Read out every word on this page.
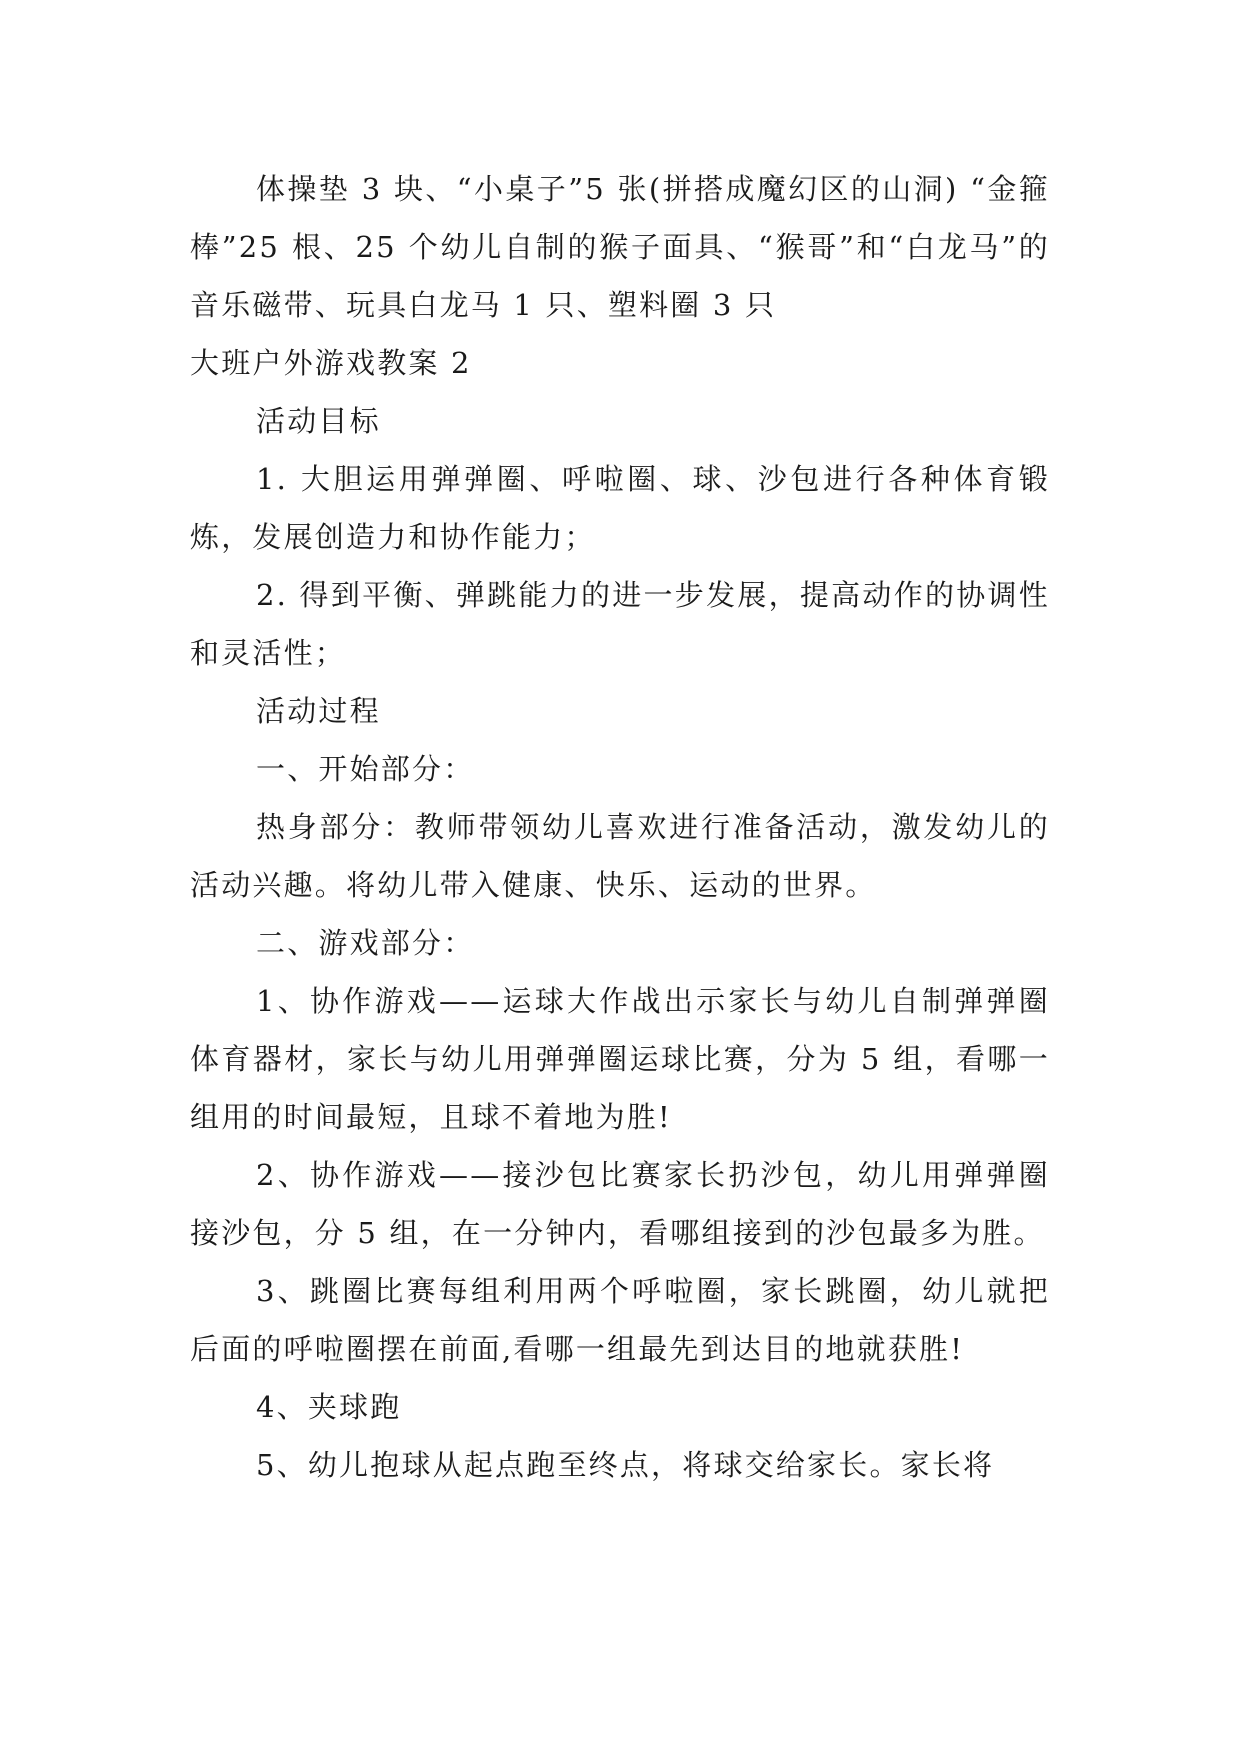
体操垫 3 块、“小桌子”5 张(拼搭成魔幻区的山洞) “金箍棒”25 根、25 个幼儿自制的猴子面具、“猴哥”和“白龙马”的音乐磁带、玩具白龙马 1 只、塑料圈 3 只

大班户外游戏教案 2

活动目标

1. 大胆运用弹弹圈、呼啦圈、球、沙包进行各种体育锻炼，发展创造力和协作能力；

2. 得到平衡、弹跳能力的进一步发展，提高动作的协调性和灵活性；

活动过程

一、开始部分：

热身部分：教师带领幼儿喜欢进行准备活动，激发幼儿的活动兴趣。将幼儿带入健康、快乐、运动的世界。

二、游戏部分：

1、协作游戏——运球大作战出示家长与幼儿自制弹弹圈体育器材，家长与幼儿用弹弹圈运球比赛，分为 5 组，看哪一组用的时间最短，且球不着地为胜!

2、协作游戏——接沙包比赛家长扔沙包，幼儿用弹弹圈接沙包，分 5 组，在一分钟内，看哪组接到的沙包最多为胜。

3、跳圈比赛每组利用两个呼啦圈，家长跳圈，幼儿就把后面的呼啦圈摆在前面,看哪一组最先到达目的地就获胜!

4、夹球跑

5、幼儿抱球从起点跑至终点，将球交给家长。家长将
